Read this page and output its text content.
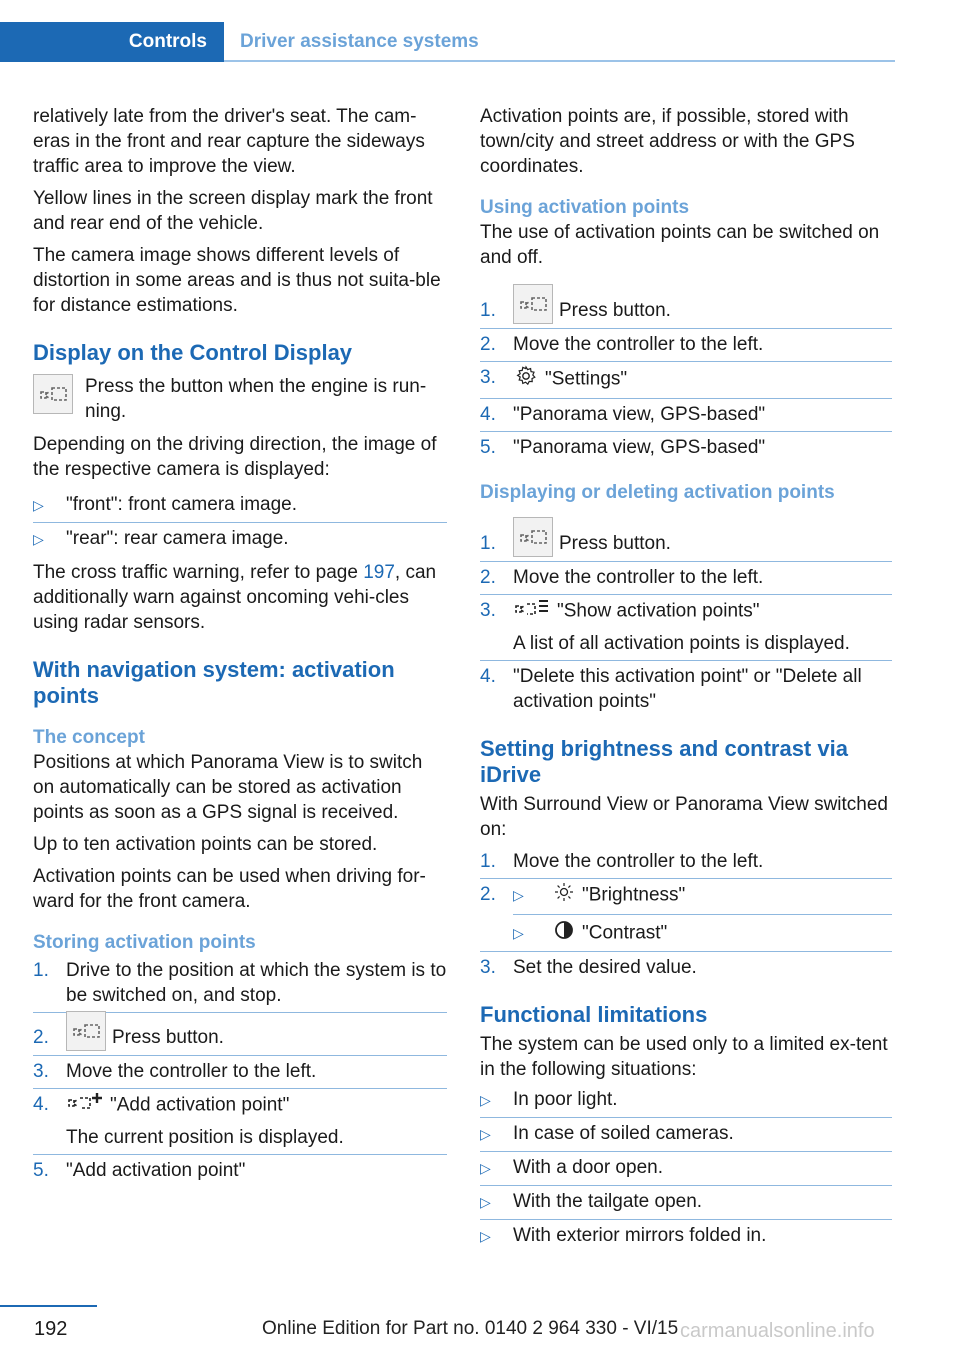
Controls	Driver assistance systems

relatively late from the driver's seat. The cam‐eras in the front and rear capture the sideways traffic area to improve the view.

Yellow lines in the screen display mark the front and rear end of the vehicle.

The camera image shows different levels of distortion in some areas and is thus not suita‐ble for distance estimations.

Display on the Control Display
Press the button when the engine is run‐ning.

Depending on the driving direction, the image of the respective camera is displayed:

▷	"front": front camera image.
▷	"rear": rear camera image.

The cross traffic warning, refer to page 197, can additionally warn against oncoming vehi‐cles using radar sensors.

With navigation system: activation points
The concept

Positions at which Panorama View is to switch on automatically can be stored as activation points as soon as a GPS signal is received.

Up to ten activation points can be stored.

Activation points can be used when driving for‐ward for the front camera.

Storing activation points
1. Drive to the position at which the system is to be switched on, and stop.
2.	Press button.
3. Move the controller to the left.
4.	"Add activation point"
The current position is displayed.
5. "Add activation point"

Activation points are, if possible, stored with town/city and street address or with the GPS coordinates.

Using activation points

The use of activation points can be switched on and off.

1.	Press button.
2. Move the controller to the left.
3.	"Settings"
4. "Panorama view, GPS-based"
5. "Panorama view, GPS-based"
Displaying or deleting activation points
1.	Press button.
2. Move the controller to the left.
3.	"Show activation points"
A list of all activation points is displayed.
4. "Delete this activation point" or "Delete all activation points"
Setting brightness and contrast via iDrive

With Surround View or Panorama View switched on:

1. Move the controller to the left.
2.	▷	"Brightness"
▷	"Contrast"
3. Set the desired value.
Functional limitations

The system can be used only to a limited ex‐tent in the following situations:

▷	In poor light.
▷	In case of soiled cameras.
▷	With a door open.
▷	With the tailgate open.
▷	With exterior mirrors folded in.
192	Online Edition for Part no. 0140 2 964 330 - VI/15 carmanualsonline.info
